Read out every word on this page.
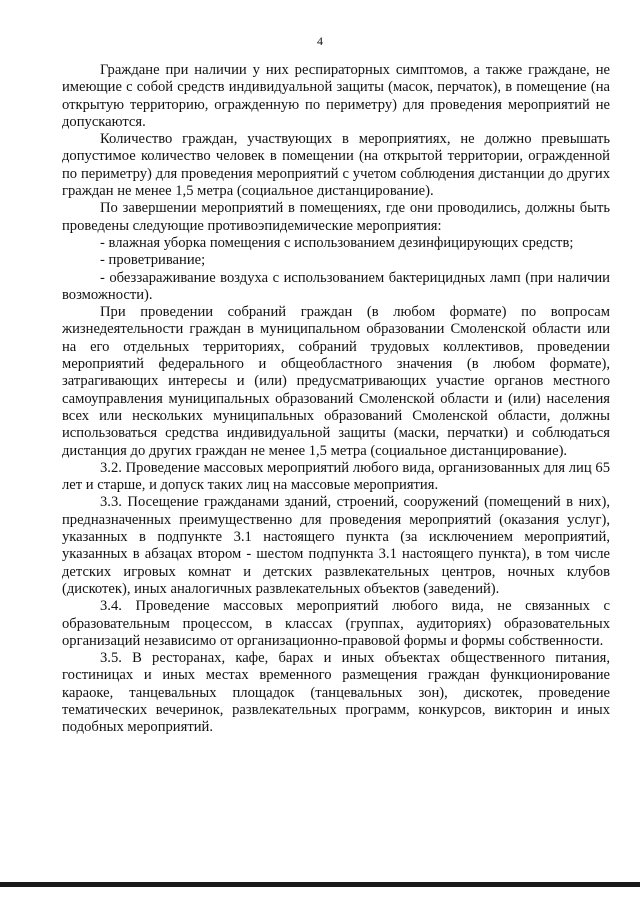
4

Граждане при наличии у них респираторных симптомов, а также граждане, не имеющие с собой средств индивидуальной защиты (масок, перчаток), в помещение (на открытую территорию, огражденную по периметру) для проведения мероприятий не допускаются.

Количество граждан, участвующих в мероприятиях, не должно превышать допустимое количество человек в помещении (на открытой территории, огражденной по периметру) для проведения мероприятий с учетом соблюдения дистанции до других граждан не менее 1,5 метра (социальное дистанцирование).

По завершении мероприятий в помещениях, где они проводились, должны быть проведены следующие противоэпидемические мероприятия:

- влажная уборка помещения с использованием дезинфицирующих средств;

- проветривание;

- обеззараживание воздуха с использованием бактерицидных ламп (при наличии возможности).

При проведении собраний граждан (в любом формате) по вопросам жизнедеятельности граждан в муниципальном образовании Смоленской области или на его отдельных территориях, собраний трудовых коллективов, проведении мероприятий федерального и общеобластного значения (в любом формате), затрагивающих интересы и (или) предусматривающих участие органов местного самоуправления муниципальных образований Смоленской области и (или) населения всех или нескольких муниципальных образований Смоленской области, должны использоваться средства индивидуальной защиты (маски, перчатки) и соблюдаться дистанция до других граждан не менее 1,5 метра (социальное дистанцирование).

3.2. Проведение массовых мероприятий любого вида, организованных для лиц 65 лет и старше, и допуск таких лиц на массовые мероприятия.

3.3. Посещение гражданами зданий, строений, сооружений (помещений в них), предназначенных преимущественно для проведения мероприятий (оказания услуг), указанных в подпункте 3.1 настоящего пункта (за исключением мероприятий, указанных в абзацах втором - шестом подпункта 3.1 настоящего пункта), в том числе детских игровых комнат и детских развлекательных центров, ночных клубов (дискотек), иных аналогичных развлекательных объектов (заведений).

3.4. Проведение массовых мероприятий любого вида, не связанных с образовательным процессом, в классах (группах, аудиториях) образовательных организаций независимо от организационно-правовой формы и формы собственности.

3.5. В ресторанах, кафе, барах и иных объектах общественного питания, гостиницах и иных местах временного размещения граждан функционирование караоке, танцевальных площадок (танцевальных зон), дискотек, проведение тематических вечеринок, развлекательных программ, конкурсов, викторин и иных подобных мероприятий.
